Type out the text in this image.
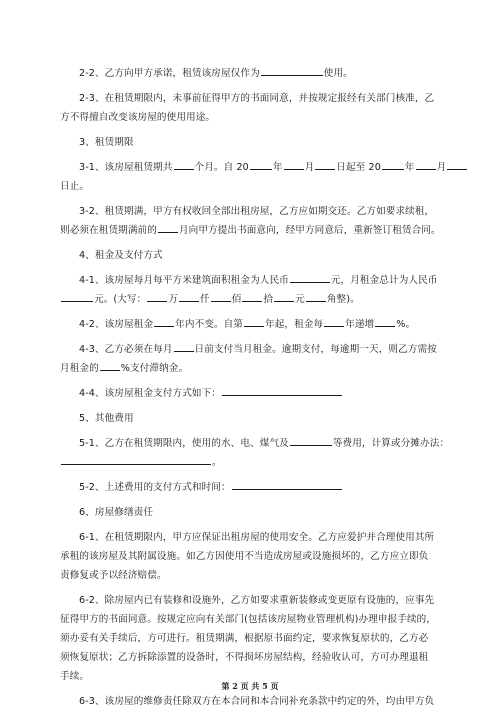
2-2、乙方向甲方承诺，租赁该房屋仅作为	使用。
2-3、在租赁期限内，未事前征得甲方的书面同意，并按规定报经有关部门核准，乙
方不得擅自改变该房屋的使用用途。
3、租赁期限
3-1、该房屋租赁期共 个月。自 20	年 月 日起至 20	年 月
日止。
3-2、租赁期满，甲方有权收回全部出租房屋，乙方应如期交还。乙方如要求续租，
则必须在租赁期满前的 月向甲方提出书面意向，经甲方同意后，重新签订租赁合同。
4、租金及支付方式
4-1、该房屋每月每平方米建筑面积租金为人民币	元，月租金总计为人民币
元。(大写： 万 仟 佰 拾 元 角整)。
4-2、该房屋租金 年内不变。自第 年起，租金每 年递增 %。
4-3、乙方必须在每月 日前支付当月租金。逾期支付，每逾期一天，则乙方需按
月租金的 %支付滞纳金。
4-4、该房屋租金支付方式如下：
5、其他费用
5-1、乙方在租赁期限内，使用的水、电、煤气及	等费用，计算或分摊办法：
。
5-2、上述费用的支付方式和时间：
6、房屋修缮责任
6-1、在租赁期限内，甲方应保证出租房屋的使用安全。乙方应爱护并合理使用其所
承租的该房屋及其附属设施。如乙方因使用不当造成房屋或设施损坏的，乙方应立即负
责修复或予以经济赔偿。
6-2、除房屋内已有装修和设施外，乙方如要求重新装修或变更原有设施的，应事先
征得甲方的书面同意。按规定应向有关部门(包括该房屋物业管理机构)办理申报手续的，
须办妥有关手续后，方可进行。租赁期满，根据原书面约定，要求恢复原状的，乙方必
须恢复原状；乙方拆除添置的设备时，不得损坏房屋结构，经验收认可，方可办理退租
手续。
6-3、该房屋的维修责任除双方在本合同和本合同补充条款中约定的外，均由甲方负
第 2 页 共 5 页
